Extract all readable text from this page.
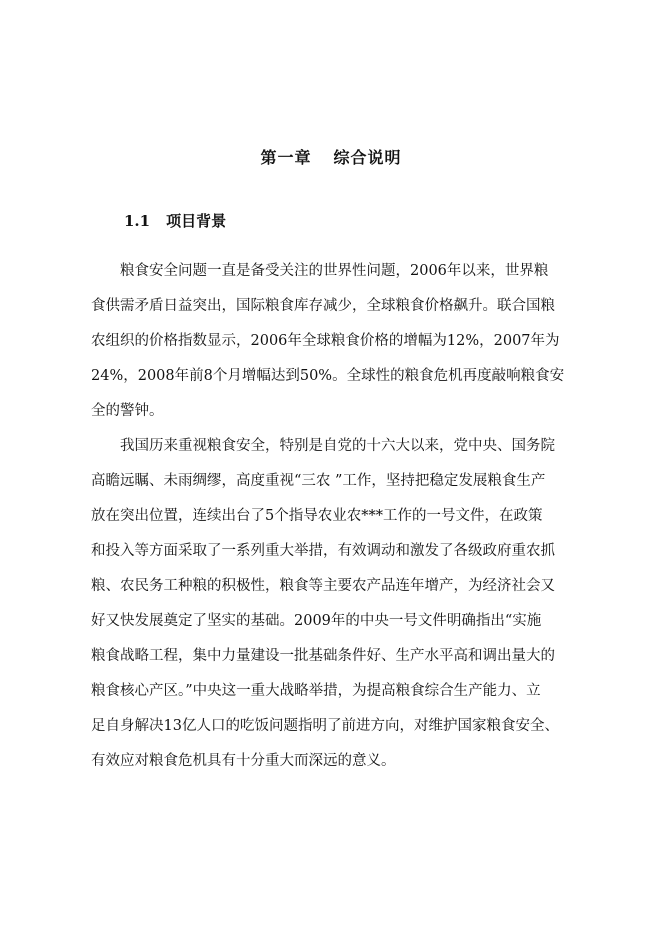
第一章 综合说明
1.1 项目背景
粮食安全问题一直是备受关注的世界性问题，2006年以来，世界粮
食供需矛盾日益突出，国际粮食库存减少，全球粮食价格飙升。联合国粮
农组织的价格指数显示，2006年全球粮食价格的增幅为12%，2007年为
24%，2008年前8个月增幅达到50%。全球性的粮食危机再度敲响粮食安
全的警钟。
我国历来重视粮食安全，特别是自党的十六大以来，党中央、国务院
高瞻远瞩、未雨绸缪，高度重视“三农 ”工作，坚持把稳定发展粮食生产
放在突出位置，连续出台了5个指导农业农***工作的一号文件，在政策
和投入等方面采取了一系列重大举措，有效调动和激发了各级政府重农抓
粮、农民务工种粮的积极性，粮食等主要农产品连年增产，为经济社会又
好又快发展奠定了坚实的基础。2009年的中央一号文件明确指出“实施
粮食战略工程，集中力量建设一批基础条件好、生产水平高和调出量大的
粮食核心产区。”中央这一重大战略举措，为提高粮食综合生产能力、立
足自身解决13亿人口的吃饭问题指明了前进方向，对维护国家粮食安全、
有效应对粮食危机具有十分重大而深远的意义。
